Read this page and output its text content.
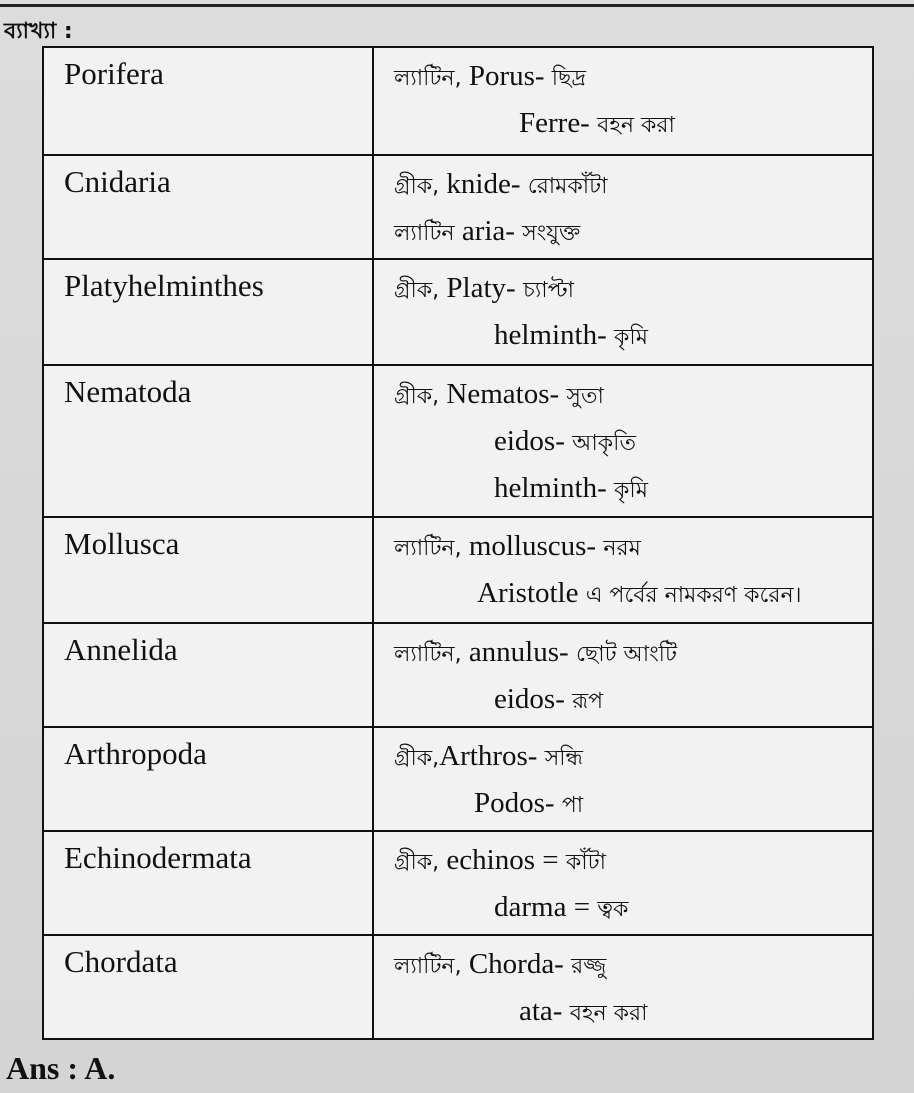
ব্যাখ্যা :
Porifera	ল্যাটিন, Porus- ছিদ্র
Ferre- বহন করা

Cnidaria	গ্রীক, knide- রোমকাঁটা
ল্যাটিন aria- সংযুক্ত

Platyhelminthes	গ্রীক, Platy- চ্যাপ্টা
helminth- কৃমি

Nematoda	গ্রীক, Nematos- সুতা
eidos- আকৃতি
helminth- কৃমি

Mollusca	ল্যাটিন, molluscus- নরম
Aristotle এ পর্বের নামকরণ করেন।

Annelida	ল্যাটিন, annulus- ছোট আংটি
eidos- রূপ

Arthropoda	গ্রীক,Arthros- সন্ধি
Podos- পা

Echinodermata	গ্রীক, echinos = কাঁটা
darma = ত্বক

Chordata	ল্যাটিন, Chorda- রজ্জু
ata- বহন করা
Ans : A.
